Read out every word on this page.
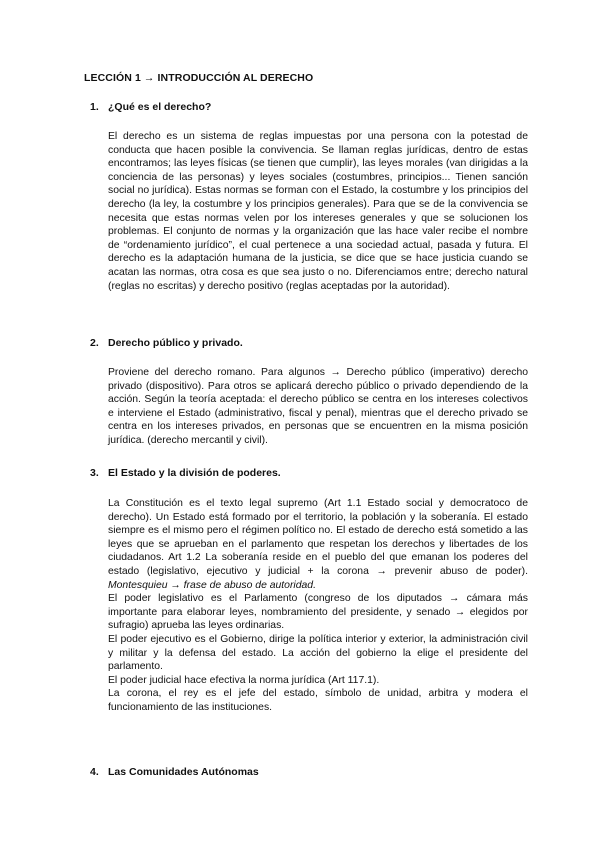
LECCIÓN 1 → INTRODUCCIÓN AL DERECHO
1. ¿Qué es el derecho?

El derecho es un sistema de reglas impuestas por una persona con la potestad de conducta que hacen posible la convivencia. Se llaman reglas jurídicas, dentro de estas encontramos; las leyes físicas (se tienen que cumplir), las leyes morales (van dirigidas a la conciencia de las personas) y leyes sociales (costumbres, principios... Tienen sanción social no jurídica). Estas normas se forman con el Estado, la costumbre y los principios del derecho (la ley, la costumbre y los principios generales). Para que se de la convivencia se necesita que estas normas velen por los intereses generales y que se solucionen los problemas. El conjunto de normas y la organización que las hace valer recibe el nombre de “ordenamiento jurídico”, el cual pertenece a una sociedad actual, pasada y futura. El derecho es la adaptación humana de la justicia, se dice que se hace justicia cuando se acatan las normas, otra cosa es que sea justo o no. Diferenciamos entre; derecho natural (reglas no escritas) y derecho positivo (reglas aceptadas por la autoridad).

2. Derecho público y privado.

Proviene del derecho romano. Para algunos → Derecho público (imperativo) derecho privado (dispositivo). Para otros se aplicará derecho público o privado dependiendo de la acción. Según la teoría aceptada: el derecho público se centra en los intereses colectivos e interviene el Estado (administrativo, fiscal y penal), mientras que el derecho privado se centra en los intereses privados, en personas que se encuentren en la misma posición jurídica. (derecho mercantil y civil).

3. El Estado y la división de poderes.

La Constitución es el texto legal supremo (Art 1.1 Estado social y democratoco de derecho). Un Estado está formado por el territorio, la población y la soberanía. El estado siempre es el mismo pero el régimen político no. El estado de derecho está sometido a las leyes que se aprueban en el parlamento que respetan los derechos y libertades de los ciudadanos. Art 1.2 La soberanía reside en el pueblo del que emanan los poderes del estado (legislativo, ejecutivo y judicial + la corona → prevenir abuso de poder). Montesquieu → frase de abuso de autoridad.

El poder legislativo es el Parlamento (congreso de los diputados → cámara más importante para elaborar leyes, nombramiento del presidente, y senado → elegidos por sufragio) aprueba las leyes ordinarias.

El poder ejecutivo es el Gobierno, dirige la política interior y exterior, la administración civil y militar y la defensa del estado. La acción del gobierno la elige el presidente del parlamento.

El poder judicial hace efectiva la norma jurídica (Art 117.1).

La corona, el rey es el jefe del estado, símbolo de unidad, arbitra y modera el funcionamiento de las instituciones.

4. Las Comunidades Autónomas
